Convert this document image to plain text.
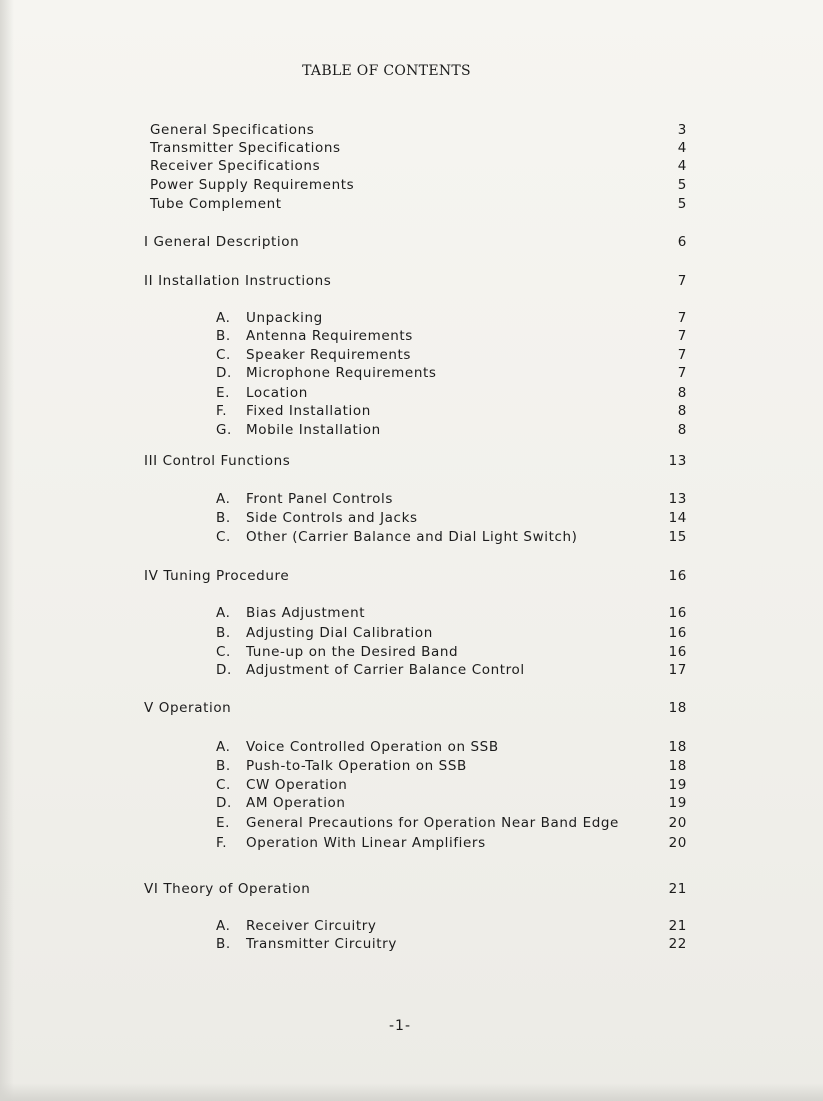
TABLE OF CONTENTS
General Specifications	3
Transmitter Specifications	4
Receiver Specifications	4
Power Supply Requirements	5
Tube Complement	5
I General Description	6
II Installation Instructions	7
A. Unpacking	7
B. Antenna Requirements	7
C. Speaker Requirements	7
D. Microphone Requirements	7
E. Location	8
F. Fixed Installation	8
G. Mobile Installation	8
III Control Functions	13
A. Front Panel Controls	13
B. Side Controls and Jacks	14
C. Other (Carrier Balance and Dial Light Switch)	15
IV Tuning Procedure	16
A. Bias Adjustment	16
B. Adjusting Dial Calibration	16
C. Tune-up on the Desired Band	16
D. Adjustment of Carrier Balance Control	17
V Operation	18
A. Voice Controlled Operation on SSB	18
B. Push-to-Talk Operation on SSB	18
C. CW Operation	19
D. AM Operation	19
E. General Precautions for Operation Near Band Edge	20
F. Operation With Linear Amplifiers	20
VI Theory of Operation	21
A. Receiver Circuitry	21
B. Transmitter Circuitry	22
-1-
